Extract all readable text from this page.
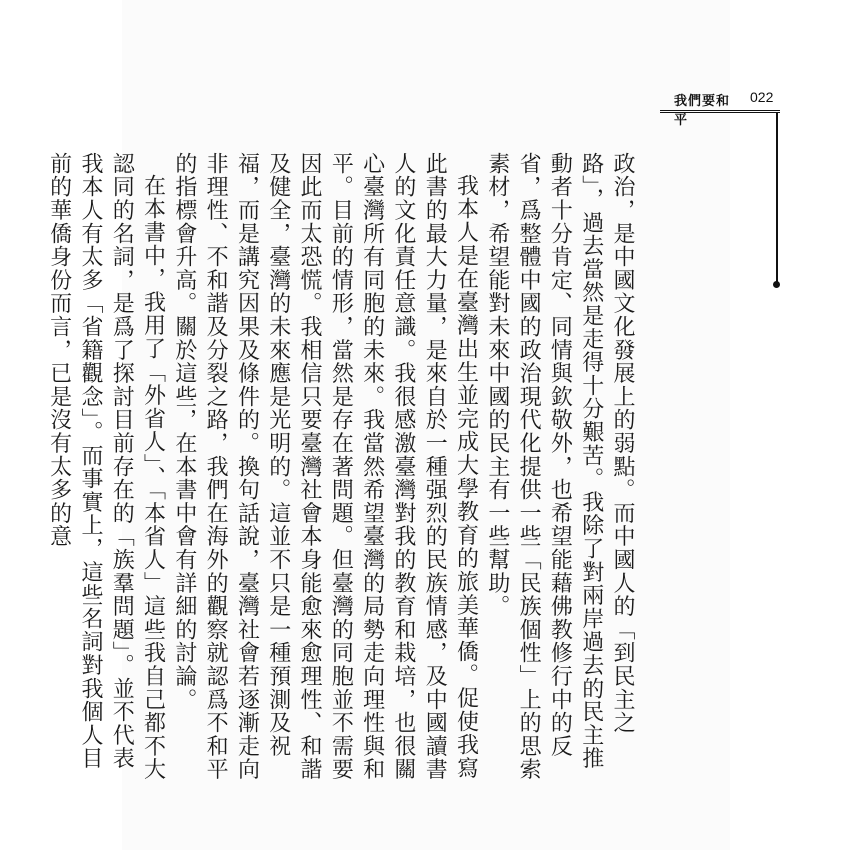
我們要和平
022

政治，是中國文化發展上的弱點。而中國人的「到民主之路」，過去當然是走得十分艱苦。我除了對兩岸過去的民主推動者十分肯定、同情與欽敬外，也希望能藉佛教修行中的反省，爲整體中國的政治現代化提供一些「民族個性」上的思索素材，希望能對未來中國的民主有一些幫助。

我本人是在臺灣出生並完成大學教育的旅美華僑。促使我寫此書的最大力量，是來自於一種强烈的民族情感，及中國讀書人的文化責任意識。我很感激臺灣對我的教育和栽培，也很關心臺灣所有同胞的未來。我當然希望臺灣的局勢走向理性與和平。目前的情形，當然是存在著問題。但臺灣的同胞並不需要因此而太恐慌。我相信只要臺灣社會本身能愈來愈理性、和諧及健全，臺灣的未來應是光明的。這並不只是一種預測及祝福，而是講究因果及條件的。換句話說，臺灣社會若逐漸走向非理性、不和諧及分裂之路，我們在海外的觀察就認爲不和平的指標會升高。關於這些，在本書中會有詳細的討論。

在本書中，我用了「外省人」、「本省人」這些我自己都不大認同的名詞，是爲了探討目前存在的「族羣問題」。並不代表我本人有太多「省籍觀念」。而事實上，這些名詞對我個人目前的華僑身份而言，已是沒有太多的意
